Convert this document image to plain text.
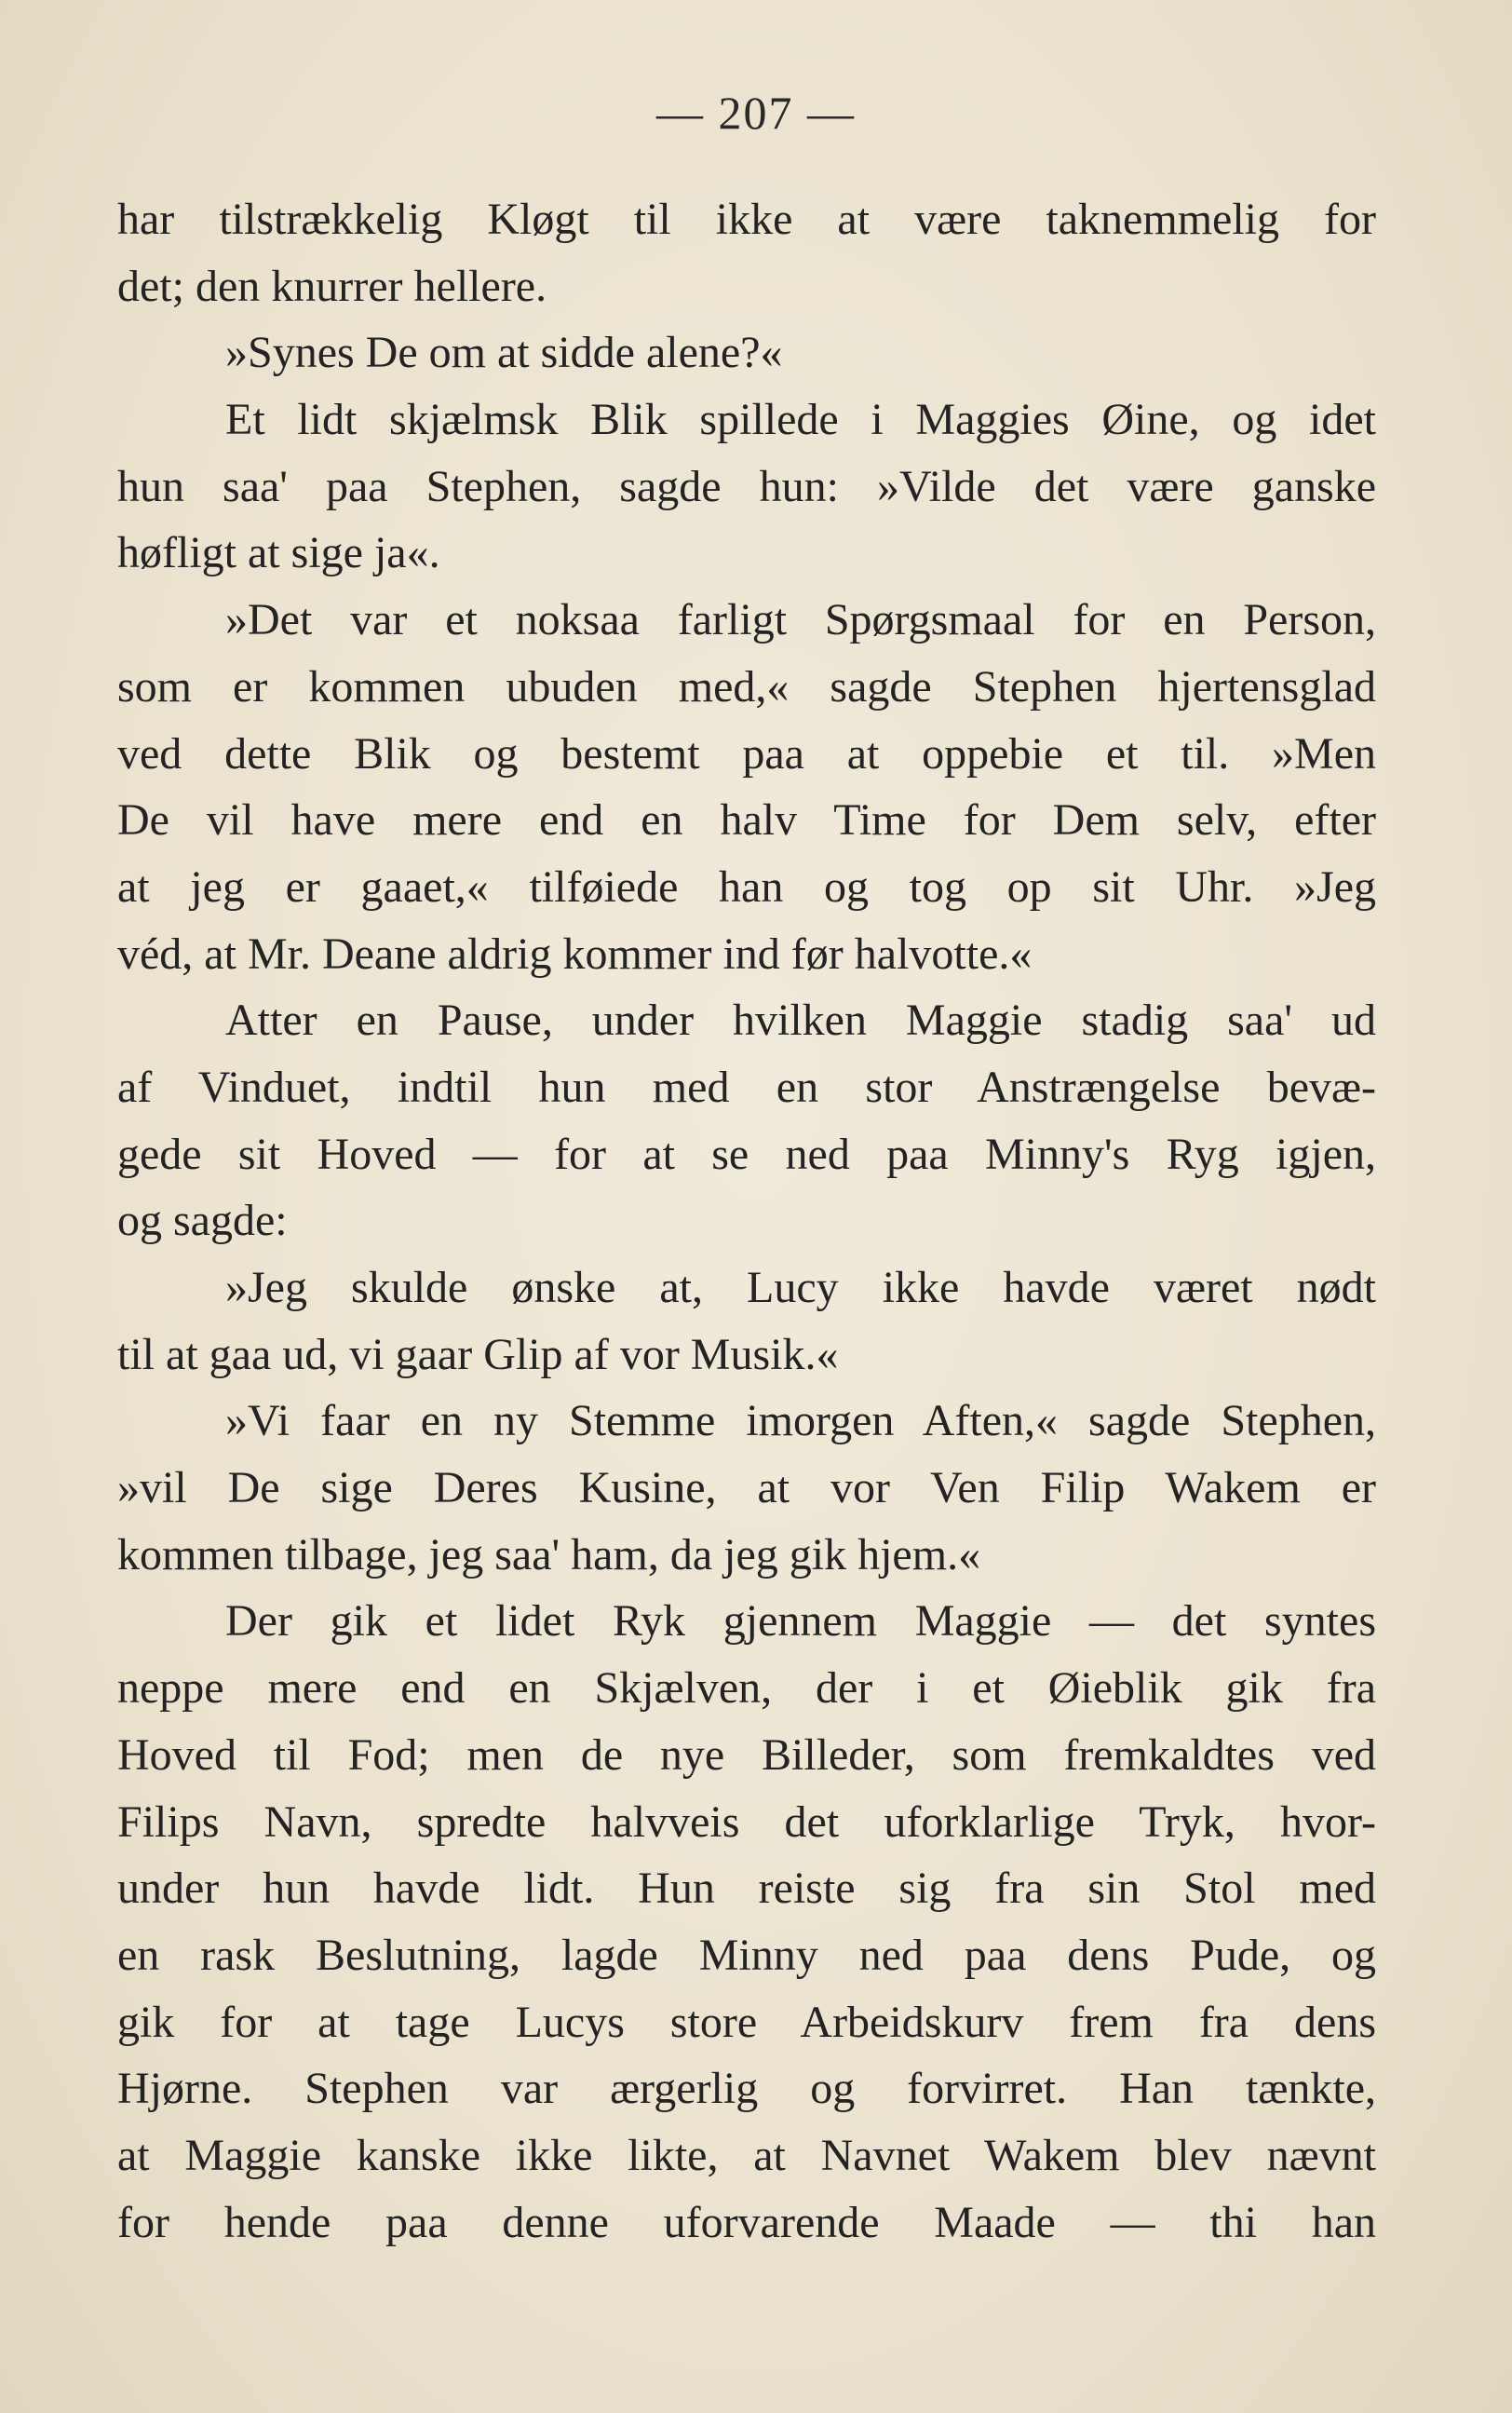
— 207 —
har tilstrækkelig Kløgt til ikke at være taknemmelig for
det; den knurrer hellere.
»Synes De om at sidde alene?«
Et lidt skjælmsk Blik spillede i Maggies Øine, og idet
hun saa' paa Stephen, sagde hun: »Vilde det være ganske
høfligt at sige ja«.
»Det var et noksaa farligt Spørgsmaal for en Person,
som er kommen ubuden med,« sagde Stephen hjertensglad
ved dette Blik og bestemt paa at oppebie et til. »Men
De vil have mere end en halv Time for Dem selv, efter
at jeg er gaaet,« tilføiede han og tog op sit Uhr. »Jeg
véd, at Mr. Deane aldrig kommer ind før halvotte.«
Atter en Pause, under hvilken Maggie stadig saa' ud
af Vinduet, indtil hun med en stor Anstrængelse bevæ-
gede sit Hoved — for at se ned paa Minny's Ryg igjen,
og sagde:
»Jeg skulde ønske at, Lucy ikke havde været nødt
til at gaa ud, vi gaar Glip af vor Musik.«
»Vi faar en ny Stemme imorgen Aften,« sagde Stephen,
»vil De sige Deres Kusine, at vor Ven Filip Wakem er
kommen tilbage, jeg saa' ham, da jeg gik hjem.«
Der gik et lidet Ryk gjennem Maggie — det syntes
neppe mere end en Skjælven, der i et Øieblik gik fra
Hoved til Fod; men de nye Billeder, som fremkaldtes ved
Filips Navn, spredte halvveis det uforklarlige Tryk, hvor-
under hun havde lidt. Hun reiste sig fra sin Stol med
en rask Beslutning, lagde Minny ned paa dens Pude, og
gik for at tage Lucys store Arbeidskurv frem fra dens
Hjørne. Stephen var ærgerlig og forvirret. Han tænkte,
at Maggie kanske ikke likte, at Navnet Wakem blev nævnt
for hende paa denne uforvarende Maade — thi han
